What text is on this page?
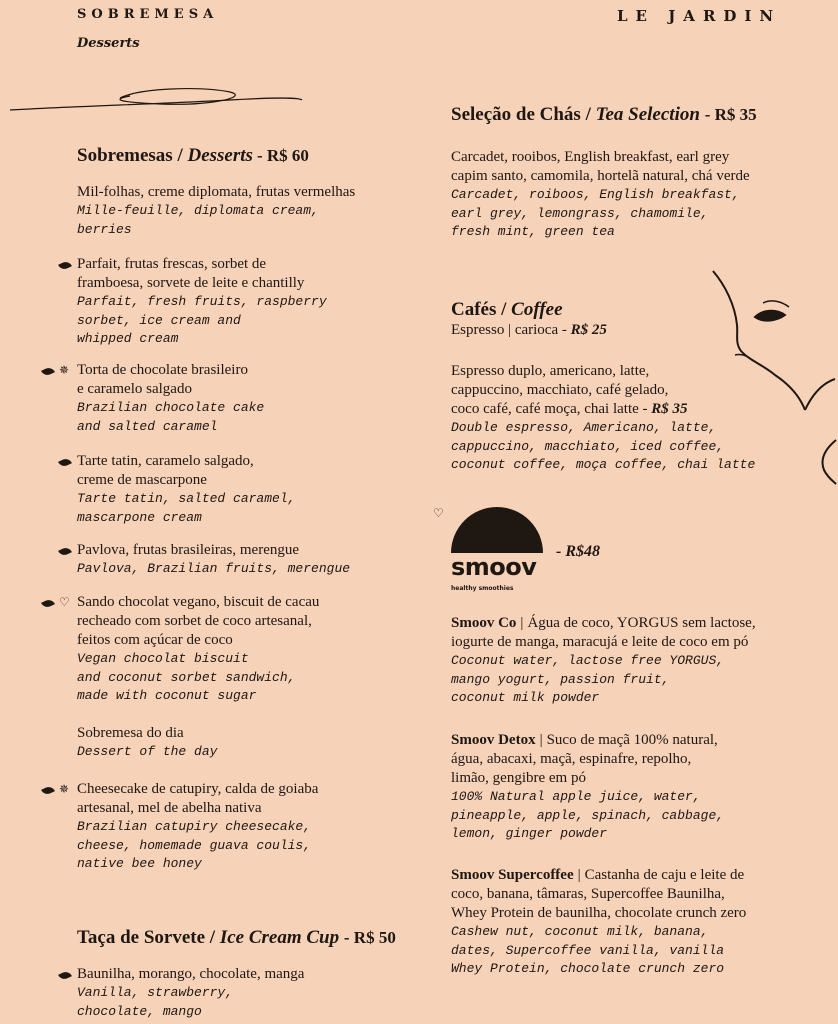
SOBREMESA
Desserts
LE JARDIN
Sobremesas / Desserts - R$ 60
Mil-folhas, creme diplomata, frutas vermelhas
Mille-feuille, diplomata cream,
berries
Parfait, frutas frescas, sorbet de
framboesa, sorvete de leite e chantilly
Parfait, fresh fruits, raspberry
sorbet, ice cream and
whipped cream
✵ Torta de chocolate brasileiro
e caramelo salgado
Brazilian chocolate cake
and salted caramel
Tarte tatin, caramelo salgado,
creme de mascarpone
Tarte tatin, salted caramel,
mascarpone cream
Pavlova, frutas brasileiras, merengue
Pavlova, Brazilian fruits, merengue
♡ Sando chocolat vegano, biscuit de cacau
recheado com sorbet de coco artesanal,
feitos com açúcar de coco
Vegan chocolat biscuit
and coconut sorbet sandwich,
made with coconut sugar
Sobremesa do dia
Dessert of the day
✵ Cheesecake de catupiry, calda de goiaba
artesanal, mel de abelha nativa
Brazilian catupiry cheesecake,
cheese, homemade guava coulis,
native bee honey
Taça de Sorvete / Ice Cream Cup - R$ 50
Baunilha, morango, chocolate, manga
Vanilla, strawberry,
chocolate, mango
Seleção de Chás / Tea Selection - R$ 35
Carcadet, rooibos, English breakfast, earl grey
capim santo, camomila, hortelã natural, chá verde
Carcadet, roiboos, English breakfast,
earl grey, lemongrass, chamomile,
fresh mint, green tea
Cafés / Coffee
Espresso | carioca - R$ 25
Espresso duplo, americano, latte,
cappuccino, macchiato, café gelado,
coco café, café moça, chai latte - R$ 35
Double espresso, Americano, latte,
cappuccino, macchiato, iced coffee,
coconut coffee, moça coffee, chai latte
♡
smoov
healthy smoothies
- R$48
Smoov Co | Água de coco, YORGUS sem lactose,
iogurte de manga, maracujá e leite de coco em pó
Coconut water, lactose free YORGUS,
mango yogurt, passion fruit,
coconut milk powder
Smoov Detox | Suco de maçã 100% natural,
água, abacaxi, maçã, espinafre, repolho,
limão, gengibre em pó
100% Natural apple juice, water,
pineapple, apple, spinach, cabbage,
lemon, ginger powder
Smoov Supercoffee | Castanha de caju e leite de
coco, banana, tâmaras, Supercoffee Baunilha,
Whey Protein de baunilha, chocolate crunch zero
Cashew nut, coconut milk, banana,
dates, Supercoffee vanilla, vanilla
Whey Protein, chocolate crunch zero
